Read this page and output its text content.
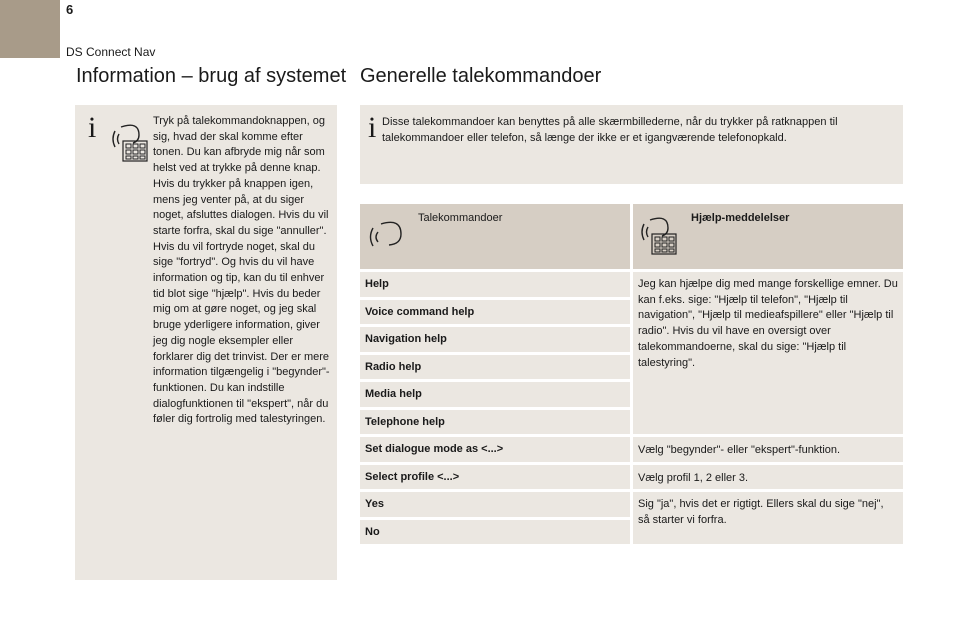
6
DS Connect Nav
Information – brug af systemet Generelle talekommandoer
i	Tryk på talekommandoknappen, og sig, hvad der skal komme efter tonen. Du kan afbryde mig når som helst ved at trykke på denne knap. Hvis du trykker på knappen igen, mens jeg venter på, at du siger noget, afsluttes dialogen. Hvis du vil starte forfra, skal du sige "annuller". Hvis du vil fortryde noget, skal du sige "fortryd". Og hvis du vil have information og tip, kan du til enhver tid blot sige "hjælp". Hvis du beder mig om at gøre noget, og jeg skal bruge yderligere information, giver jeg dig nogle eksempler eller forklarer dig det trinvist. Der er mere information tilgængelig i "begynder"- funktionen. Du kan indstille dialogfunktionen til "ekspert", når du føler dig fortrolig med talestyringen.
i Disse talekommandoer kan benyttes på alle skærmbillederne, når du trykker på ratknappen til talekommandoer eller telefon, så længe der ikke er et igangværende telefonopkald.
Talekommandoer	Hjælp-meddelelser
Help
Voice command help
Navigation help
Radio help
Media help
Telephone help
Jeg kan hjælpe dig med mange forskellige emner. Du kan f.eks. sige: "Hjælp til telefon", "Hjælp til navigation", "Hjælp til medieafspillere" eller "Hjælp til radio". Hvis du vil have en oversigt over talekommandoerne, skal du sige: "Hjælp til talestyring".
Set dialogue mode as <...>	Vælg "begynder"- eller "ekspert"-funktion.
Select profile <...>	Vælg profil 1, 2 eller 3.
Yes
No
Sig "ja", hvis det er rigtigt. Ellers skal du sige "nej", så starter vi forfra.
